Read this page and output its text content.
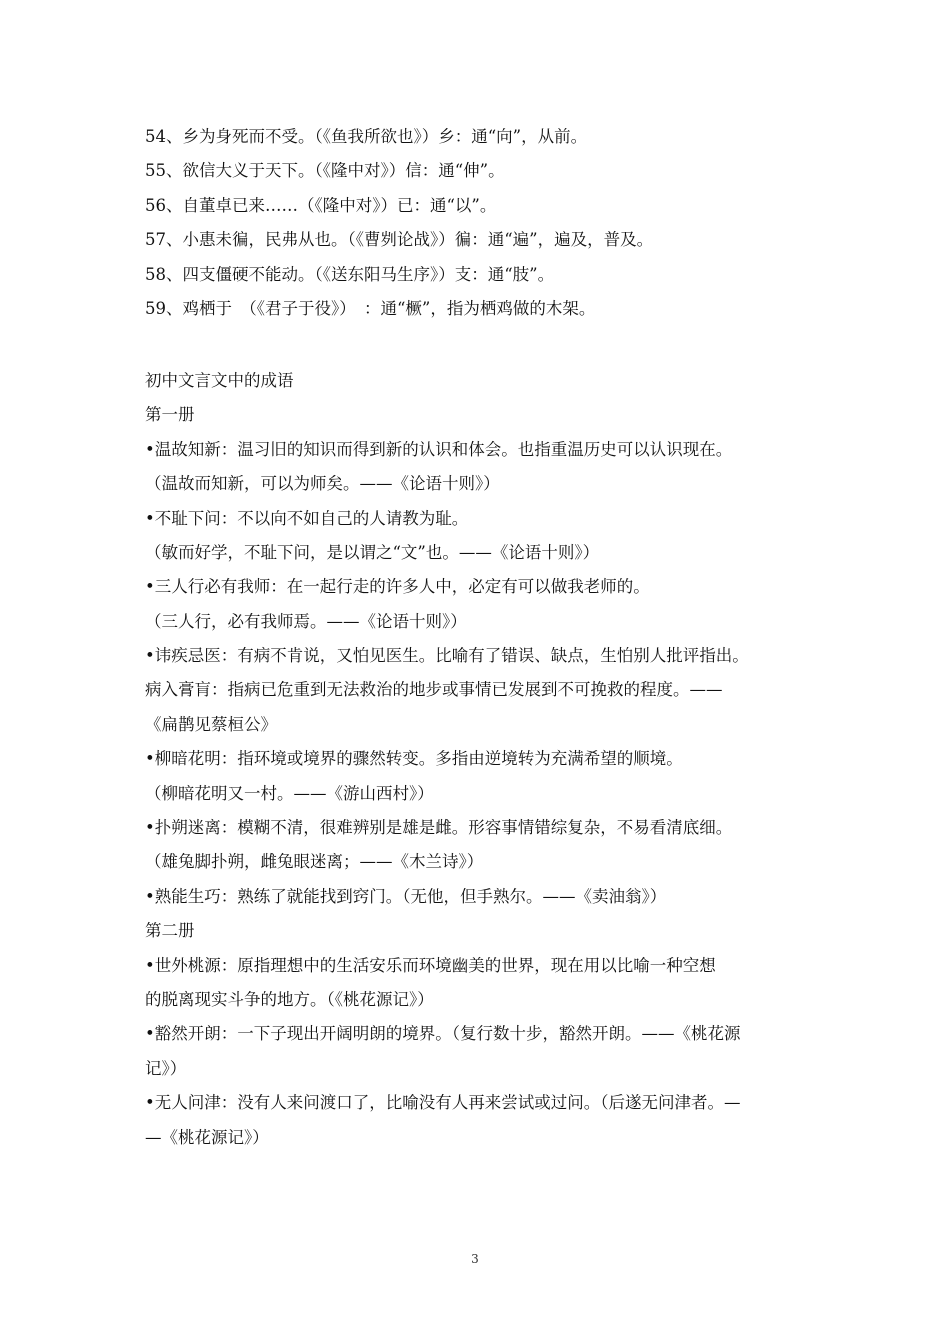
54、乡为身死而不受。（《鱼我所欲也》）乡：通“向”，从前。
55、欲信大义于天下。（《隆中对》）信：通“伸”。
56、自董卓已来……（《隆中对》）已：通“以”。
57、小惠未徧，民弗从也。（《曹刿论战》）徧：通“遍”，遍及，普及。
58、四支僵硬不能动。（《送东阳马生序》）支：通“肢”。
59、鸡栖于　（《君子于役》）　：通“橛”，指为栖鸡做的木架。
初中文言文中的成语
第一册
•温故知新：温习旧的知识而得到新的认识和体会。也指重温历史可以认识现在。
（温故而知新，可以为师矣。——《论语十则》）
•不耻下问：不以向不如自己的人请教为耻。
（敏而好学，不耻下问，是以谓之“文”也。——《论语十则》）
•三人行必有我师：在一起行走的许多人中，必定有可以做我老师的。
（三人行，必有我师焉。——《论语十则》）
•讳疾忌医：有病不肯说，又怕见医生。比喻有了错误、缺点，生怕别人批评指出。
病入膏肓：指病已危重到无法救治的地步或事情已发展到不可挽救的程度。——
《扁鹊见蔡桓公》
•柳暗花明：指环境或境界的骤然转变。多指由逆境转为充满希望的顺境。
（柳暗花明又一村。——《游山西村》）
•扑朔迷离：模糊不清，很难辨别是雄是雌。形容事情错综复杂，不易看清底细。
（雄兔脚扑朔，雌兔眼迷离；——《木兰诗》）
•熟能生巧：熟练了就能找到窍门。（无他，但手熟尔。——《卖油翁》）
第二册
•世外桃源：原指理想中的生活安乐而环境幽美的世界，现在用以比喻一种空想
的脱离现实斗争的地方。（《桃花源记》）
•豁然开朗：一下子现出开阔明朗的境界。（复行数十步，豁然开朗。——《桃花源
记》）
•无人问津：没有人来问渡口了，比喻没有人再来尝试或过问。（后遂无问津者。—
—《桃花源记》）
3
